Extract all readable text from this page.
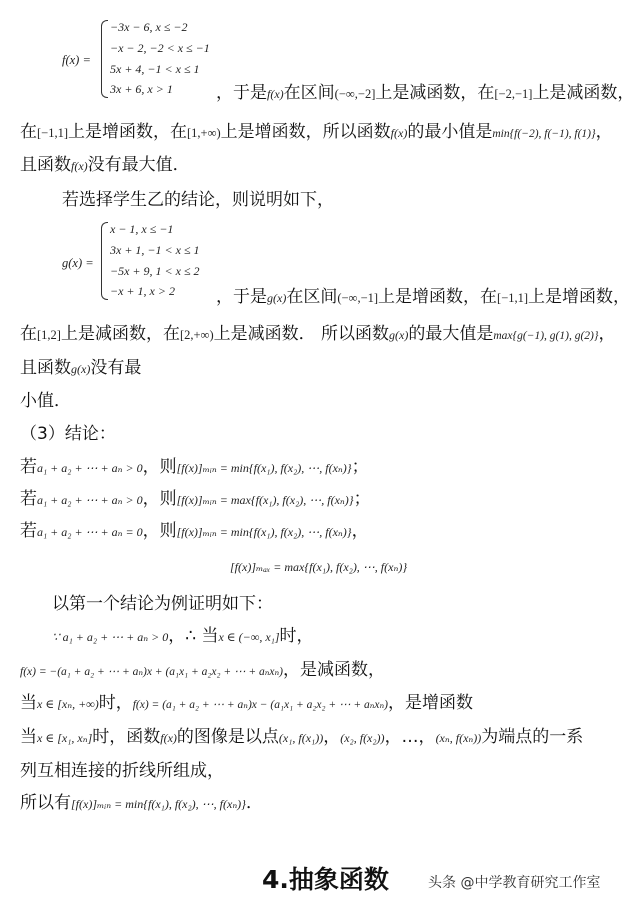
f(x) =
−3x − 6, x ≤ −2
−x − 2, −2 < x ≤ −1
5x + 4, −1 < x ≤ 1
3x + 6, x > 1	，于是f(x)在区间(−∞,−2]上是减函数，在[−2,−1]上是减函数，
在[−1,1]上是增函数，在[1,+∞)上是增函数，所以函数f(x)的最小值是min{f(−2), f(−1), f(1)}，
且函数f(x)没有最大值．
若选择学生乙的结论，则说明如下，
g(x) =
x − 1, x ≤ −1
3x + 1, −1 < x ≤ 1
−5x + 9, 1 < x ≤ 2
−x + 1, x > 2 ，于是g(x)在区间(−∞,−1]上是增函数，在[−1,1]上是增函数，
在[1,2]上是减函数，在[2,+∞)上是减函数． 所以函数g(x)的最大值是max{g(−1), g(1), g(2)}，
且函数g(x)没有最
小值．
（3）结论：
若a₁ + a₂ + ⋯ + aₙ > 0，则[f(x)]ₘᵢₙ = min{f(x₁), f(x₂), ⋯, f(xₙ)}；
若a₁ + a₂ + ⋯ + aₙ > 0，则[f(x)]ₘᵢₙ = max{f(x₁), f(x₂), ⋯, f(xₙ)}；
若a₁ + a₂ + ⋯ + aₙ = 0，则[f(x)]ₘᵢₙ = min{f(x₁), f(x₂), ⋯, f(xₙ)}，
[f(x)]ₘₐₓ = max{f(x₁), f(x₂), ⋯, f(xₙ)}
以第一个结论为例证明如下：
∵ a₁ + a₂ + ⋯ + aₙ > 0，∴ 当x ∈ (−∞, x₁]时，
f(x) = −(a₁ + a₂ + ⋯ + aₙ)x + (a₁x₁ + a₂x₂ + ⋯ + aₙxₙ)，是减函数，
当x ∈ [xₙ, +∞)时，f(x) = (a₁ + a₂ + ⋯ + aₙ)x − (a₁x₁ + a₂x₂ + ⋯ + aₙxₙ)，是增函数
当x ∈ [x₁, xₙ]时，函数f(x)的图像是以点(x₁, f(x₁))，(x₂, f(x₂))，…，(xₙ, f(xₙ))为端点的一系
列互相连接的折线所组成，
所以有[f(x)]ₘᵢₙ = min{f(x₁), f(x₂), ⋯, f(xₙ)}．
4.抽象函数	头条 @中学教育研究工作室
